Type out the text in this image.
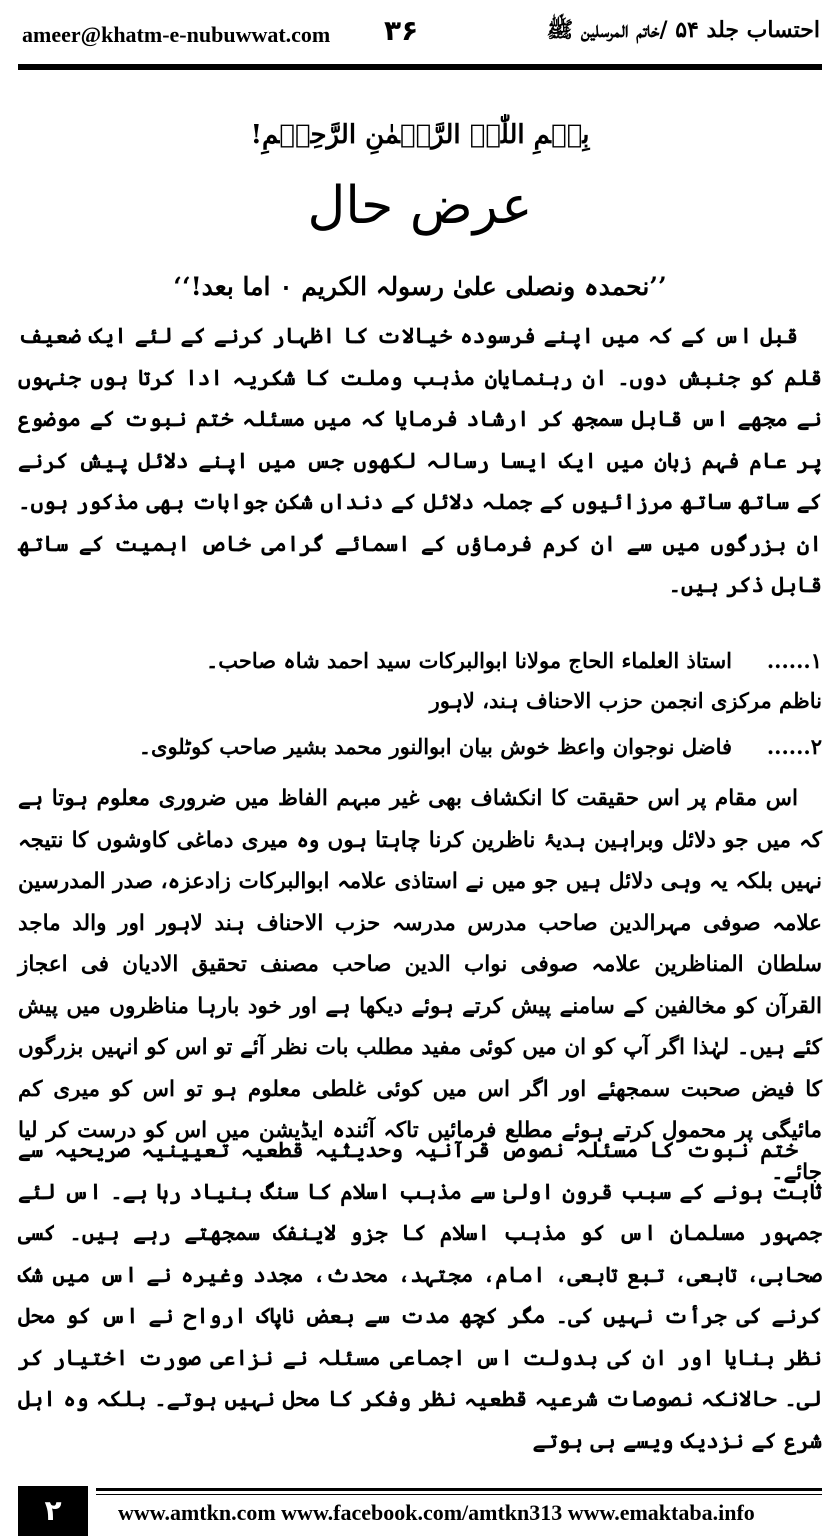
ameer@khatm-e-nubuwwat.com ۳۶	احتساب جلد ۵۴ /خاتم المرسلین ﷺ
بِسۡمِ اللّٰہِ الرَّحۡمٰنِ الرَّحِیۡمِ!
عرض حال
’’نحمدہ ونصلی علیٰ رسولہ الکریم ۰ اما بعد!‘‘

قبل اس کے کہ میں اپنے فرسودہ خیالات کا اظہار کرنے کے لئے ایک ضعیف قلم کو جنبش دوں۔ ان رہنمایان مذہب وملت کا شکریہ ادا کرتا ہوں جنہوں نے مجھے اس قابل سمجھ کر ارشاد فرمایا کہ میں مسئلہ ختم نبوت کے موضوع پر عام فہم زبان میں ایک ایسا رسالہ لکھوں جس میں اپنے دلائل پیش کرنے کے ساتھ ساتھ مرزائیوں کے جملہ دلائل کے دنداں شکن جوابات بھی مذکور ہوں۔ ان بزرگوں میں سے ان کرم فرماؤں کے اسمائے گرامی خاص اہمیت کے ساتھ قابل ذکر ہیں۔

۱......
استاذ العلماء الحاج مولانا ابوالبرکات سید احمد شاہ صاحب۔
ناظم مرکزی انجمن حزب الاحناف ہند، لاہور
۲......
فاضل نوجوان واعظ خوش بیان ابوالنور محمد بشیر صاحب کوٹلوی۔

اس مقام پر اس حقیقت کا انکشاف بھی غیر مبہم الفاظ میں ضروری معلوم ہوتا ہے کہ میں جو دلائل وبراہین ہدیۂ ناظرین کرنا چاہتا ہوں وہ میری دماغی کاوشوں کا نتیجہ نہیں بلکہ یہ وہی دلائل ہیں جو میں نے استاذی علامہ ابوالبرکات زادعزہ، صدر المدرسین علامہ صوفی مہرالدین صاحب مدرس مدرسہ حزب الاحناف ہند لاہور اور والد ماجد سلطان المناظرین علامہ صوفی نواب الدین صاحب مصنف تحقیق الادیان فی اعجاز القرآن کو مخالفین کے سامنے پیش کرتے ہوئے دیکھا ہے اور خود بارہا مناظروں میں پیش کئے ہیں۔ لہٰذا اگر آپ کو ان میں کوئی مفید مطلب بات نظر آئے تو اس کو انہیں بزرگوں کا فیض صحبت سمجھئے اور اگر اس میں کوئی غلطی معلوم ہو تو اس کو میری کم مائیگی پر محمول کرتے ہوئے مطلع فرمائیں تاکہ آئندہ ایڈیشن میں اس کو درست کر لیا جائے۔

ختم نبوت کا مسئلہ نصوص قرآنیہ وحدیثیہ قطعیہ تعیینیہ صریحیہ سے ثابت ہونے کے سبب قرون اولیٰ سے مذہب اسلام کا سنگ بنیاد رہا ہے۔ اس لئے جمہور مسلمان اس کو مذہب اسلام کا جزو لاینفک سمجھتے رہے ہیں۔ کسی صحابی، تابعی، تبع تابعی، امام، مجتہد، محدث، مجدد وغیرہ نے اس میں شک کرنے کی جرأت نہیں کی۔ مگر کچھ مدت سے بعض ناپاک ارواح نے اس کو محل نظر بنایا اور ان کی بدولت اس اجماعی مسئلہ نے نزاعی صورت اختیار کر لی۔ حالانکہ نصوصات شرعیہ قطعیہ نظر وفکر کا محل نہیں ہوتے۔ بلکہ وہ اہل شرع کے نزدیک ویسے ہی ہوتے

۲	www.amtkn.com www.facebook.com/amtkn313 www.emaktaba.info
